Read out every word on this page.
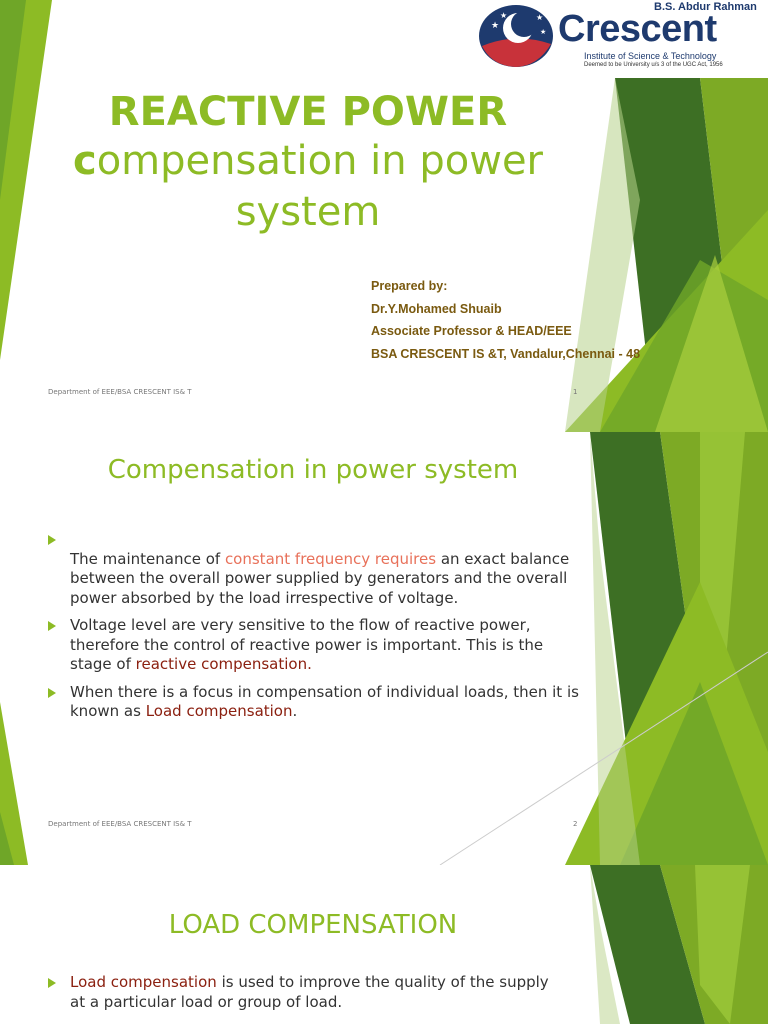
★
★	★
★
B.S. Abdur Rahman
Crescent
Institute of Science & Technology
Deemed to be University u/s 3 of the UGC Act, 1956
REACTIVE POWER
compensation in power
system
Prepared by:
Dr.Y.Mohamed Shuaib
Associate Professor & HEAD/EEE
BSA CRESCENT IS &T, Vandalur,Chennai - 48
Department of EEE/BSA CRESCENT IS& T	1
Compensation in power system

The maintenance of constant frequency requires an exact balance between the overall power supplied by generators and the overall power absorbed by the load irrespective of voltage.
Voltage level are very sensitive to the flow of reactive power, therefore the control of reactive power is important. This is the stage of reactive compensation.
When there is a focus in compensation of individual loads, then it is known as Load compensation.
Department of EEE/BSA CRESCENT IS& T	2
LOAD COMPENSATION
Load compensation is used to improve the quality of the supply at a particular load or group of load.
